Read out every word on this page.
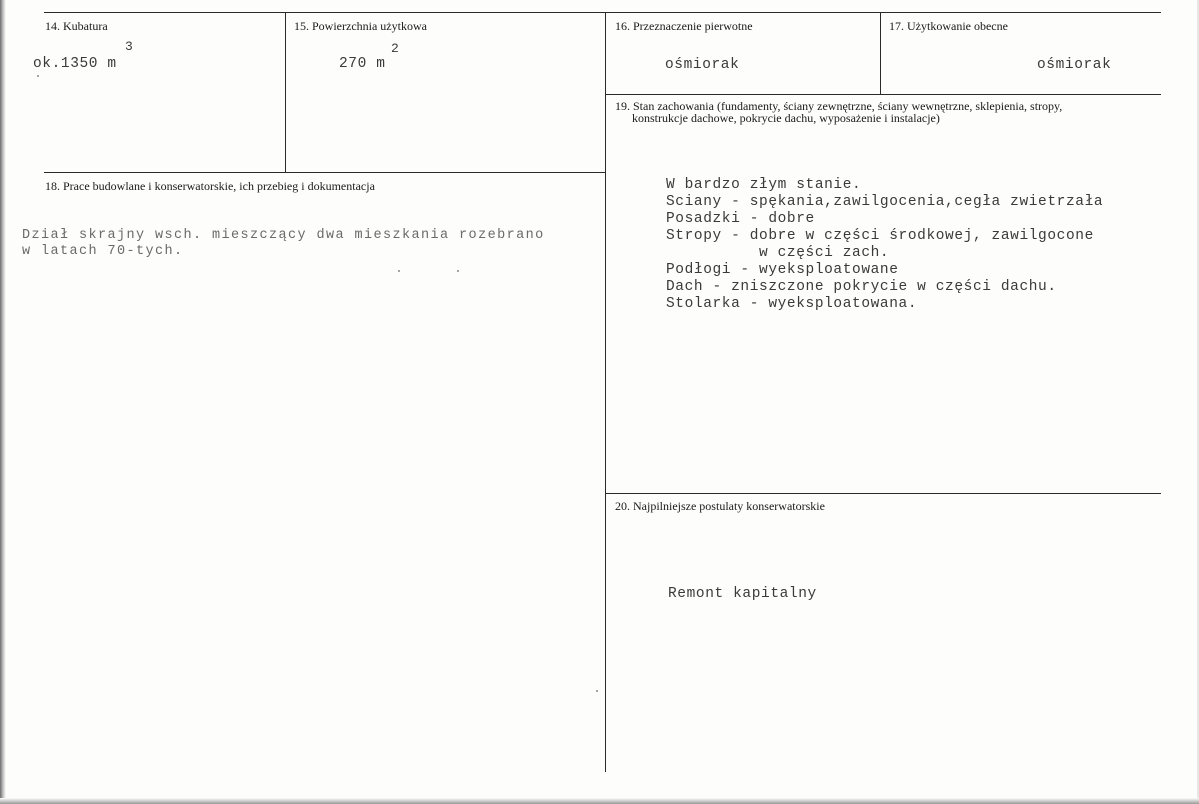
14. Kubatura
3
ok.1350 m
15. Powierzchnia użytkowa
2
270 m
16. Przeznaczenie pierwotne
ośmiorak
17. Użytkowanie obecne
ośmiorak
19. Stan zachowania (fundamenty, ściany zewnętrzne, ściany wewnętrzne, sklepienia, stropy,
konstrukcje dachowe, pokrycie dachu, wyposażenie i instalacje)
W bardzo złym stanie.
Sciany - spękania,zawilgocenia,cegła zwietrzała
Posadzki - dobre
Stropy - dobre w części środkowej, zawilgocone
w części zach.
Podłogi - wyeksploatowane
Dach - zniszczone pokrycie w części dachu.
Stolarka - wyeksploatowana.
18. Prace budowlane i konserwatorskie, ich przebieg i dokumentacja
Dział skrajny wsch. mieszczący dwa mieszkania rozebrano
w latach 70-tych.
20. Najpilniejsze postulaty konserwatorskie
Remont kapitalny
